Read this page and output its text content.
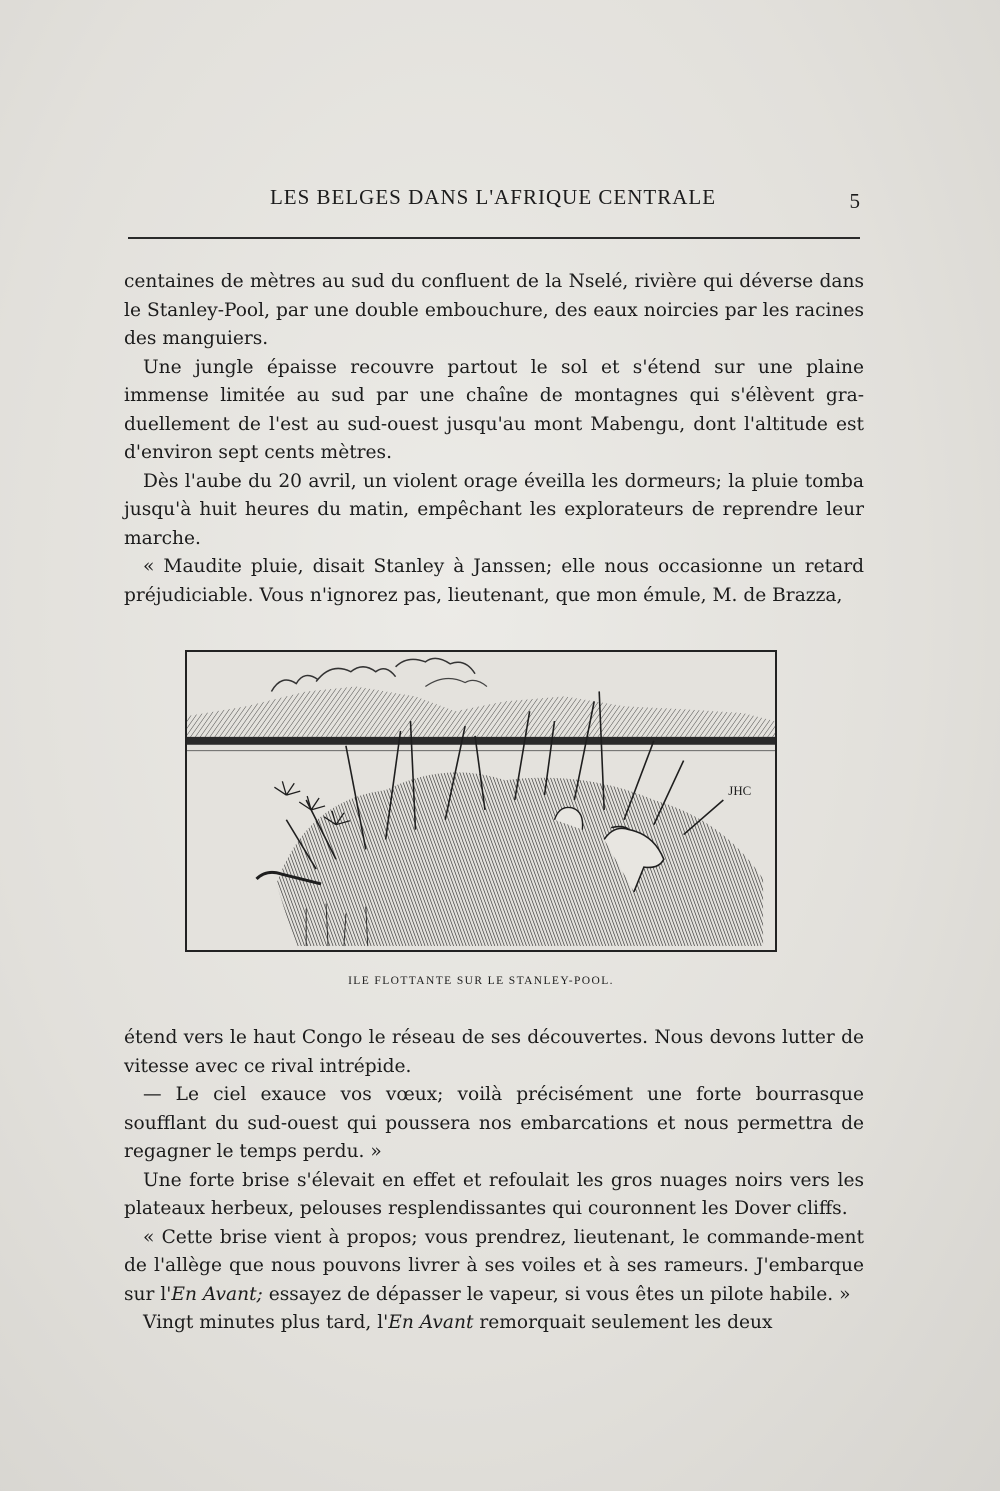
LES BELGES DANS L'AFRIQUE CENTRALE	5

centaines de mètres au sud du confluent de la Nselé, rivière qui déverse dans le Stanley-Pool, par une double embouchure, des eaux noircies par les racines des manguiers.

Une jungle épaisse recouvre partout le sol et s'étend sur une plaine immense limitée au sud par une chaîne de montagnes qui s'élèvent gra-duellement de l'est au sud-ouest jusqu'au mont Mabengu, dont l'altitude est d'environ sept cents mètres.

Dès l'aube du 20 avril, un violent orage éveilla les dormeurs; la pluie tomba jusqu'à huit heures du matin, empêchant les explorateurs de reprendre leur marche.

« Maudite pluie, disait Stanley à Janssen; elle nous occasionne un retard préjudiciable. Vous n'ignorez pas, lieutenant, que mon émule, M. de Brazza,

JHC
ILE FLOTTANTE SUR LE STANLEY-POOL.

étend vers le haut Congo le réseau de ses découvertes. Nous devons lutter de vitesse avec ce rival intrépide.

— Le ciel exauce vos vœux; voilà précisément une forte bourrasque soufflant du sud-ouest qui poussera nos embarcations et nous permettra de regagner le temps perdu. »

Une forte brise s'élevait en effet et refoulait les gros nuages noirs vers les plateaux herbeux, pelouses resplendissantes qui couronnent les Dover cliffs.

« Cette brise vient à propos; vous prendrez, lieutenant, le commande-ment de l'allège que nous pouvons livrer à ses voiles et à ses rameurs. J'embarque sur l'En Avant; essayez de dépasser le vapeur, si vous êtes un pilote habile. »

Vingt minutes plus tard, l'En Avant remorquait seulement les deux
